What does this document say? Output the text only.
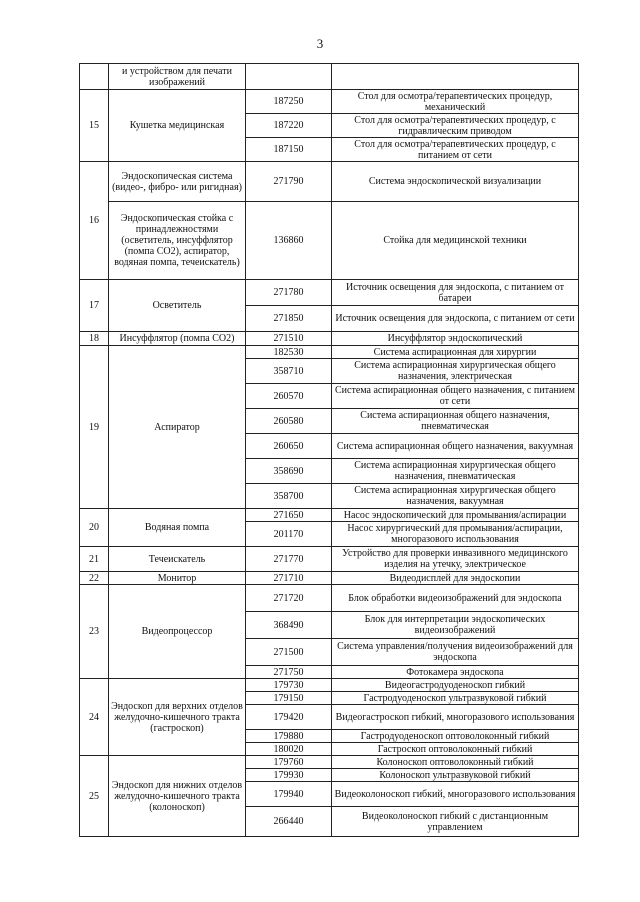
3
	и устройством для печати изображений		
15	Кушетка медицинская	187250	Стол для осмотра/терапевтических процедур, механический
		187220	Стол для осмотра/терапевтических процедур, с гидравлическим приводом
		187150	Стол для осмотра/терапевтических процедур, с питанием от сети
16	Эндоскопическая система (видео-, фибро- или ригидная)	271790	Система эндоскопической визуализации
	Эндоскопическая стойка с принадлежностями (осветитель, инсуффлятор (помпа СО2), аспиратор, водяная помпа, течеискатель)	136860	Стойка для медицинской техники
17	Осветитель	271780	Источник освещения для эндоскопа, с питанием от батареи
		271850	Источник освещения для эндоскопа, с питанием от сети
18	Инсуффлятор (помпа СО2)	271510	Инсуффлятор эндоскопический
19	Аспиратор	182530	Система аспирационная для хирургии
		358710	Система аспирационная хирургическая общего назначения, электрическая
		260570	Система аспирационная общего назначения, с питанием от сети
		260580	Система аспирационная общего назначения, пневматическая
		260650	Система аспирационная общего назначения, вакуумная
		358690	Система аспирационная хирургическая общего назначения, пневматическая
		358700	Система аспирационная хирургическая общего назначения, вакуумная
20	Водяная помпа	271650	Насос эндоскопический для промывания/аспирации
		201170	Насос хирургический для промывания/аспирации, многоразового использования
21	Течеискатель	271770	Устройство для проверки инвазивного медицинского изделия на утечку, электрическое
22	Монитор	271710	Видеодисплей для эндоскопии
23	Видеопроцессор	271720	Блок обработки видеоизображений для эндоскопа
		368490	Блок для интерпретации эндоскопических видеоизображений
		271500	Система управления/получения видеоизображений для эндоскопа
		271750	Фотокамера эндоскопа
24	Эндоскоп для верхних отделов желудочно-кишечного тракта (гастроскоп)	179730	Видеогастродуоденоскоп гибкий
		179150	Гастродуоденоскоп ультразвуковой гибкий
		179420	Видеогастроскоп гибкий, многоразового использования
		179880	Гастродуоденоскоп оптоволоконный гибкий
		180020	Гастроскоп оптоволоконный гибкий
25	Эндоскоп для нижних отделов желудочно-кишечного тракта (колоноскоп)	179760	Колоноскоп оптоволоконный гибкий
		179930	Колоноскоп ультразвуковой гибкий
		179940	Видеоколоноскоп гибкий, многоразового использования
		266440	Видеоколоноскоп гибкий с дистанционным управлением
